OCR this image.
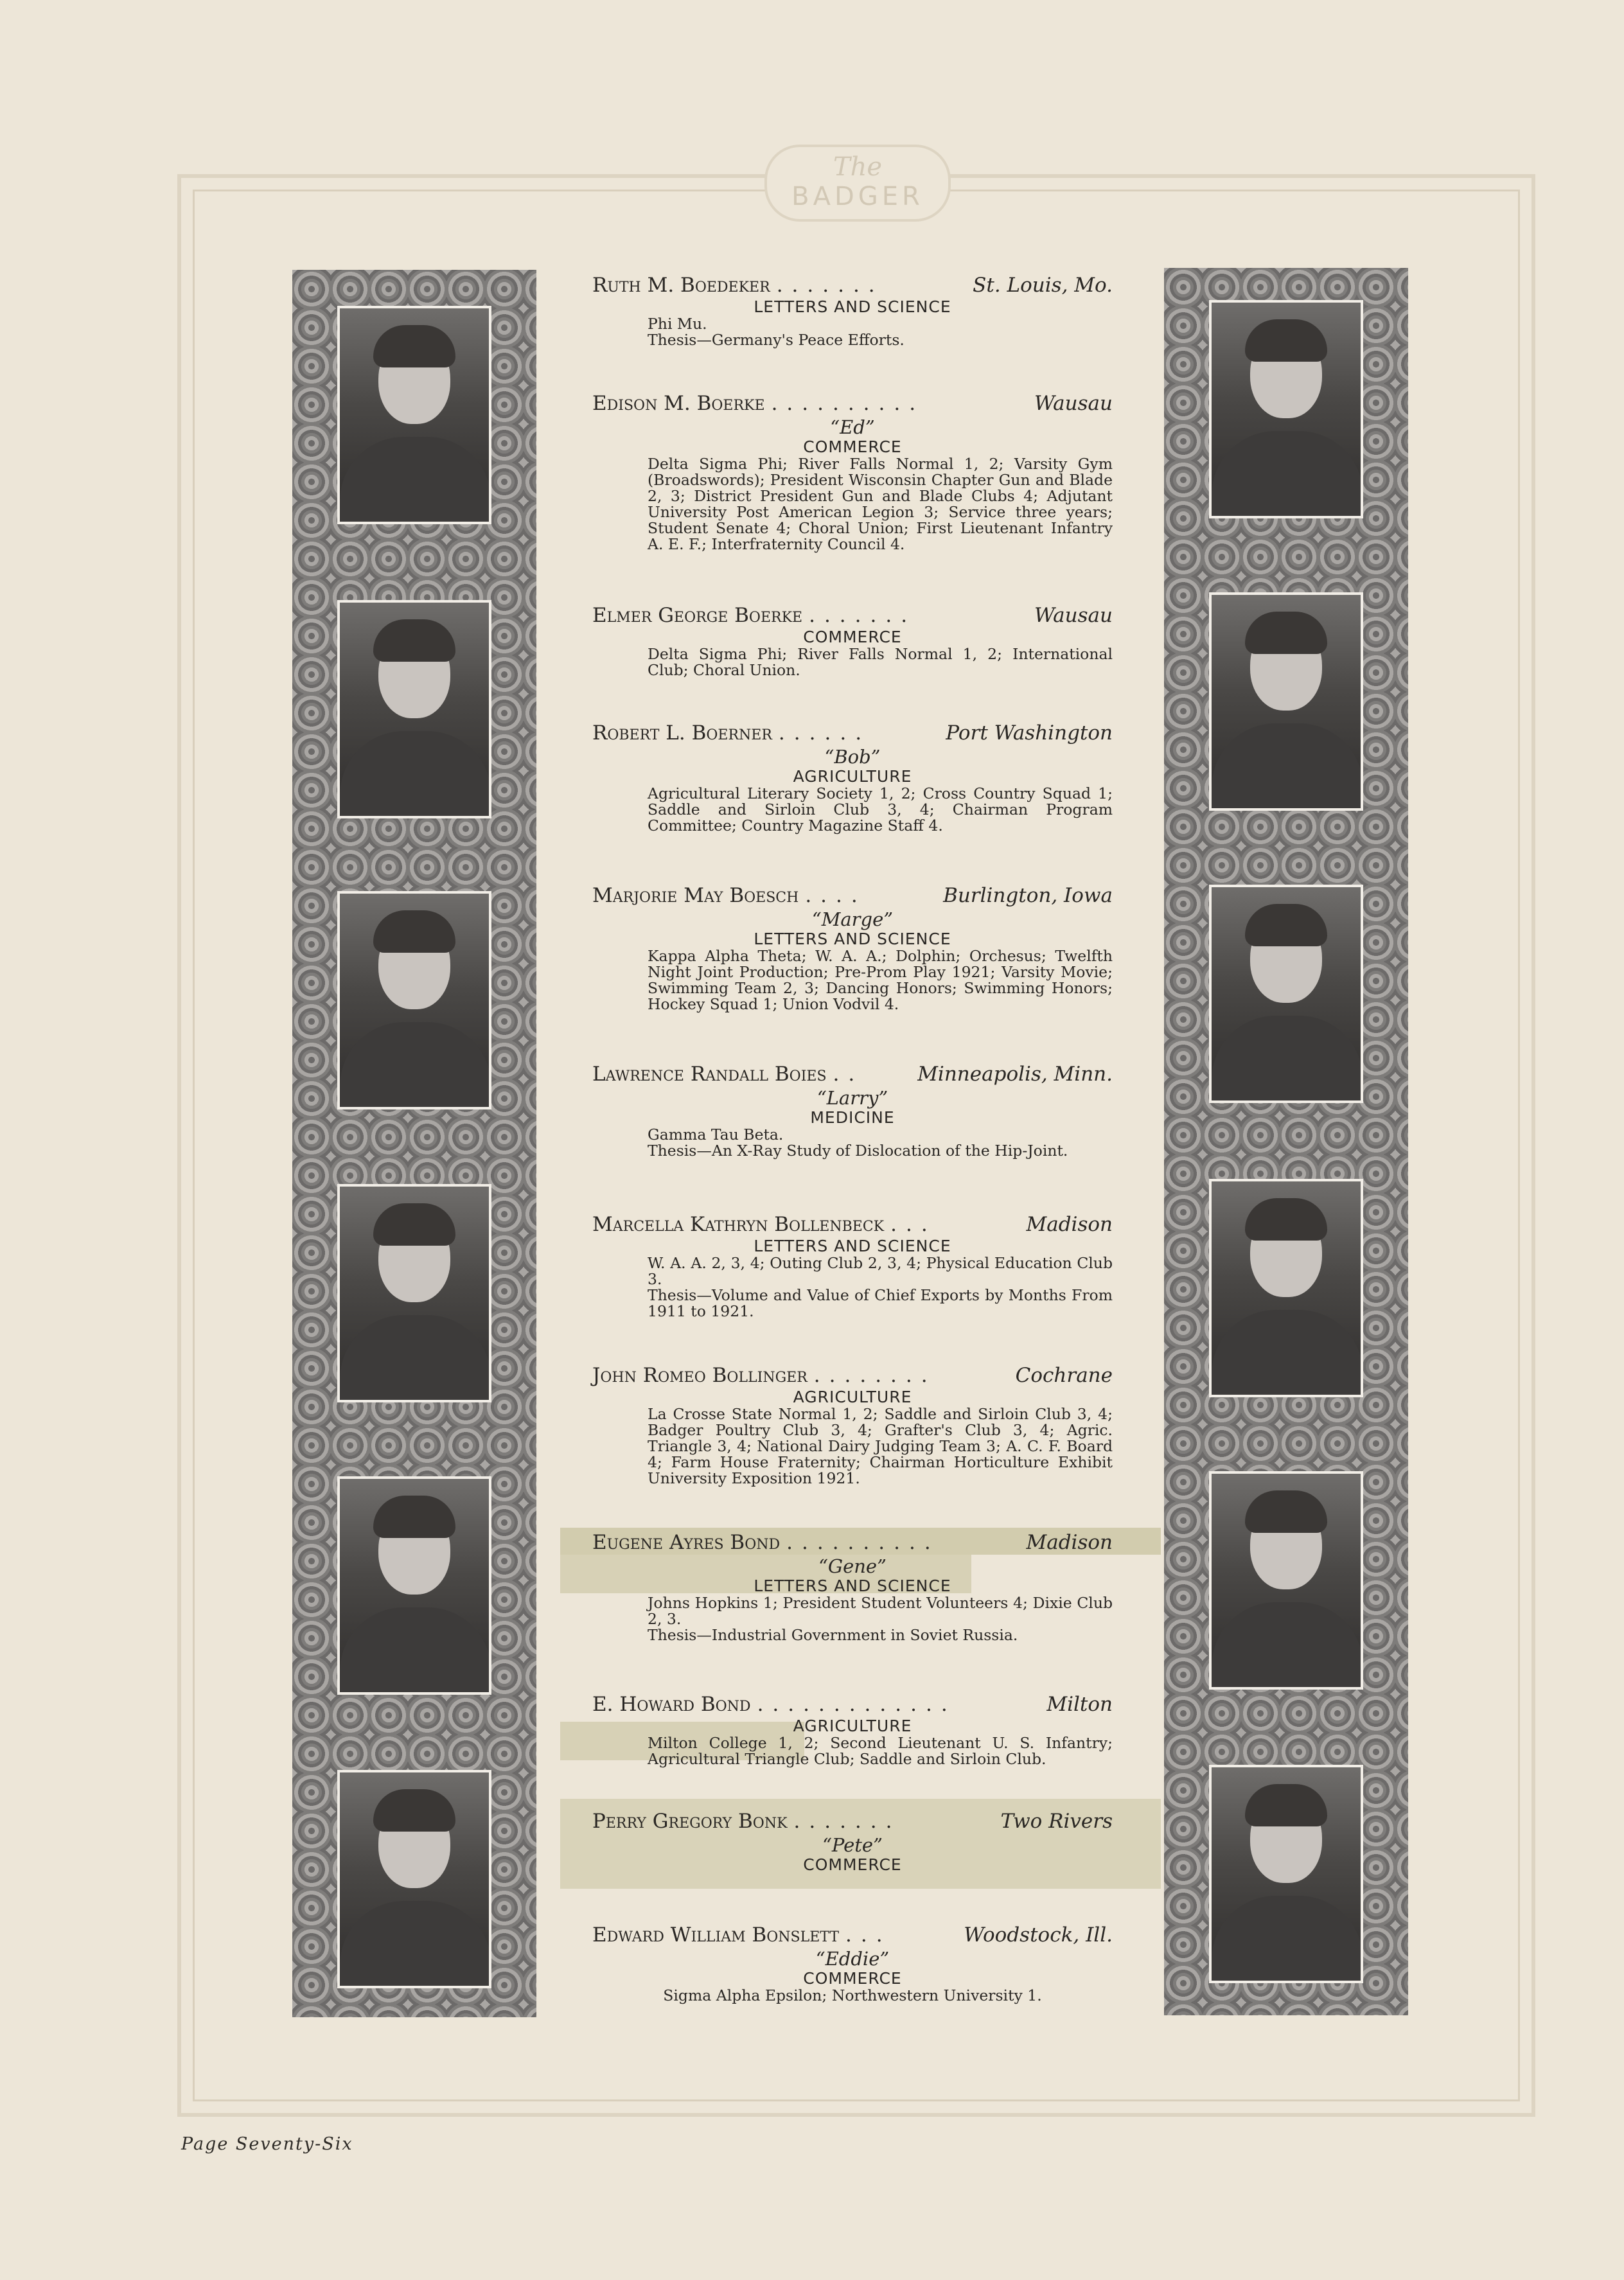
The
BADGER
Ruth M. Boedeker .......	St. Louis, Mo.
LETTERS AND SCIENCE
Phi Mu.
Thesis—Germany's Peace Efforts.
Edison M. Boerke ..........	Wausau
“Ed”
COMMERCE
Delta Sigma Phi; River Falls Normal 1, 2; Varsity Gym (Broadswords); President Wisconsin Chapter Gun and Blade 2, 3; District President Gun and Blade Clubs 4; Adjutant University Post American Legion 3; Service three years; Student Senate 4; Choral Union; First Lieutenant Infantry A. E. F.; Interfraternity Council 4.
Elmer George Boerke .......	Wausau
COMMERCE
Delta Sigma Phi; River Falls Normal 1, 2; International Club; Choral Union.
Robert L. Boerner ......	Port Washington
“Bob”
AGRICULTURE
Agricultural Literary Society 1, 2; Cross Country Squad 1; Saddle and Sirloin Club 3, 4; Chairman Program Committee; Country Magazine Staff 4.
Marjorie May Boesch ....	Burlington, Iowa
“Marge”
LETTERS AND SCIENCE
Kappa Alpha Theta; W. A. A.; Dolphin; Orchesus; Twelfth Night Joint Production; Pre-Prom Play 1921; Varsity Movie; Swimming Team 2, 3; Dancing Honors; Swimming Honors; Hockey Squad 1; Union Vodvil 4.
Lawrence Randall Boies ..	Minneapolis, Minn.
“Larry”
MEDICINE
Gamma Tau Beta.
Thesis—An X-Ray Study of Dislocation of the Hip-Joint.
Marcella Kathryn Bollenbeck ...	Madison
LETTERS AND SCIENCE
W. A. A. 2, 3, 4; Outing Club 2, 3, 4; Physical Education Club 3.
Thesis—Volume and Value of Chief Exports by Months From 1911 to 1921.
John Romeo Bollinger ........	Cochrane
AGRICULTURE
La Crosse State Normal 1, 2; Saddle and Sirloin Club 3, 4; Badger Poultry Club 3, 4; Grafter's Club 3, 4; Agric. Triangle 3, 4; National Dairy Judging Team 3; A. C. F. Board 4; Farm House Fraternity; Chairman Horticulture Exhibit University Exposition 1921.
Eugene Ayres Bond ..........	Madison
“Gene”
LETTERS AND SCIENCE
Johns Hopkins 1; President Student Volunteers 4; Dixie Club 2, 3.
Thesis—Industrial Government in Soviet Russia.
E. Howard Bond .............	Milton
AGRICULTURE
Milton College 1, 2; Second Lieutenant U. S. Infantry; Agricultural Triangle Club; Saddle and Sirloin Club.
Perry Gregory Bonk .......	Two Rivers
“Pete”
COMMERCE
Edward William Bonslett ...	Woodstock, Ill.
“Eddie”
COMMERCE
Sigma Alpha Epsilon; Northwestern University 1.
Page Seventy-Six
